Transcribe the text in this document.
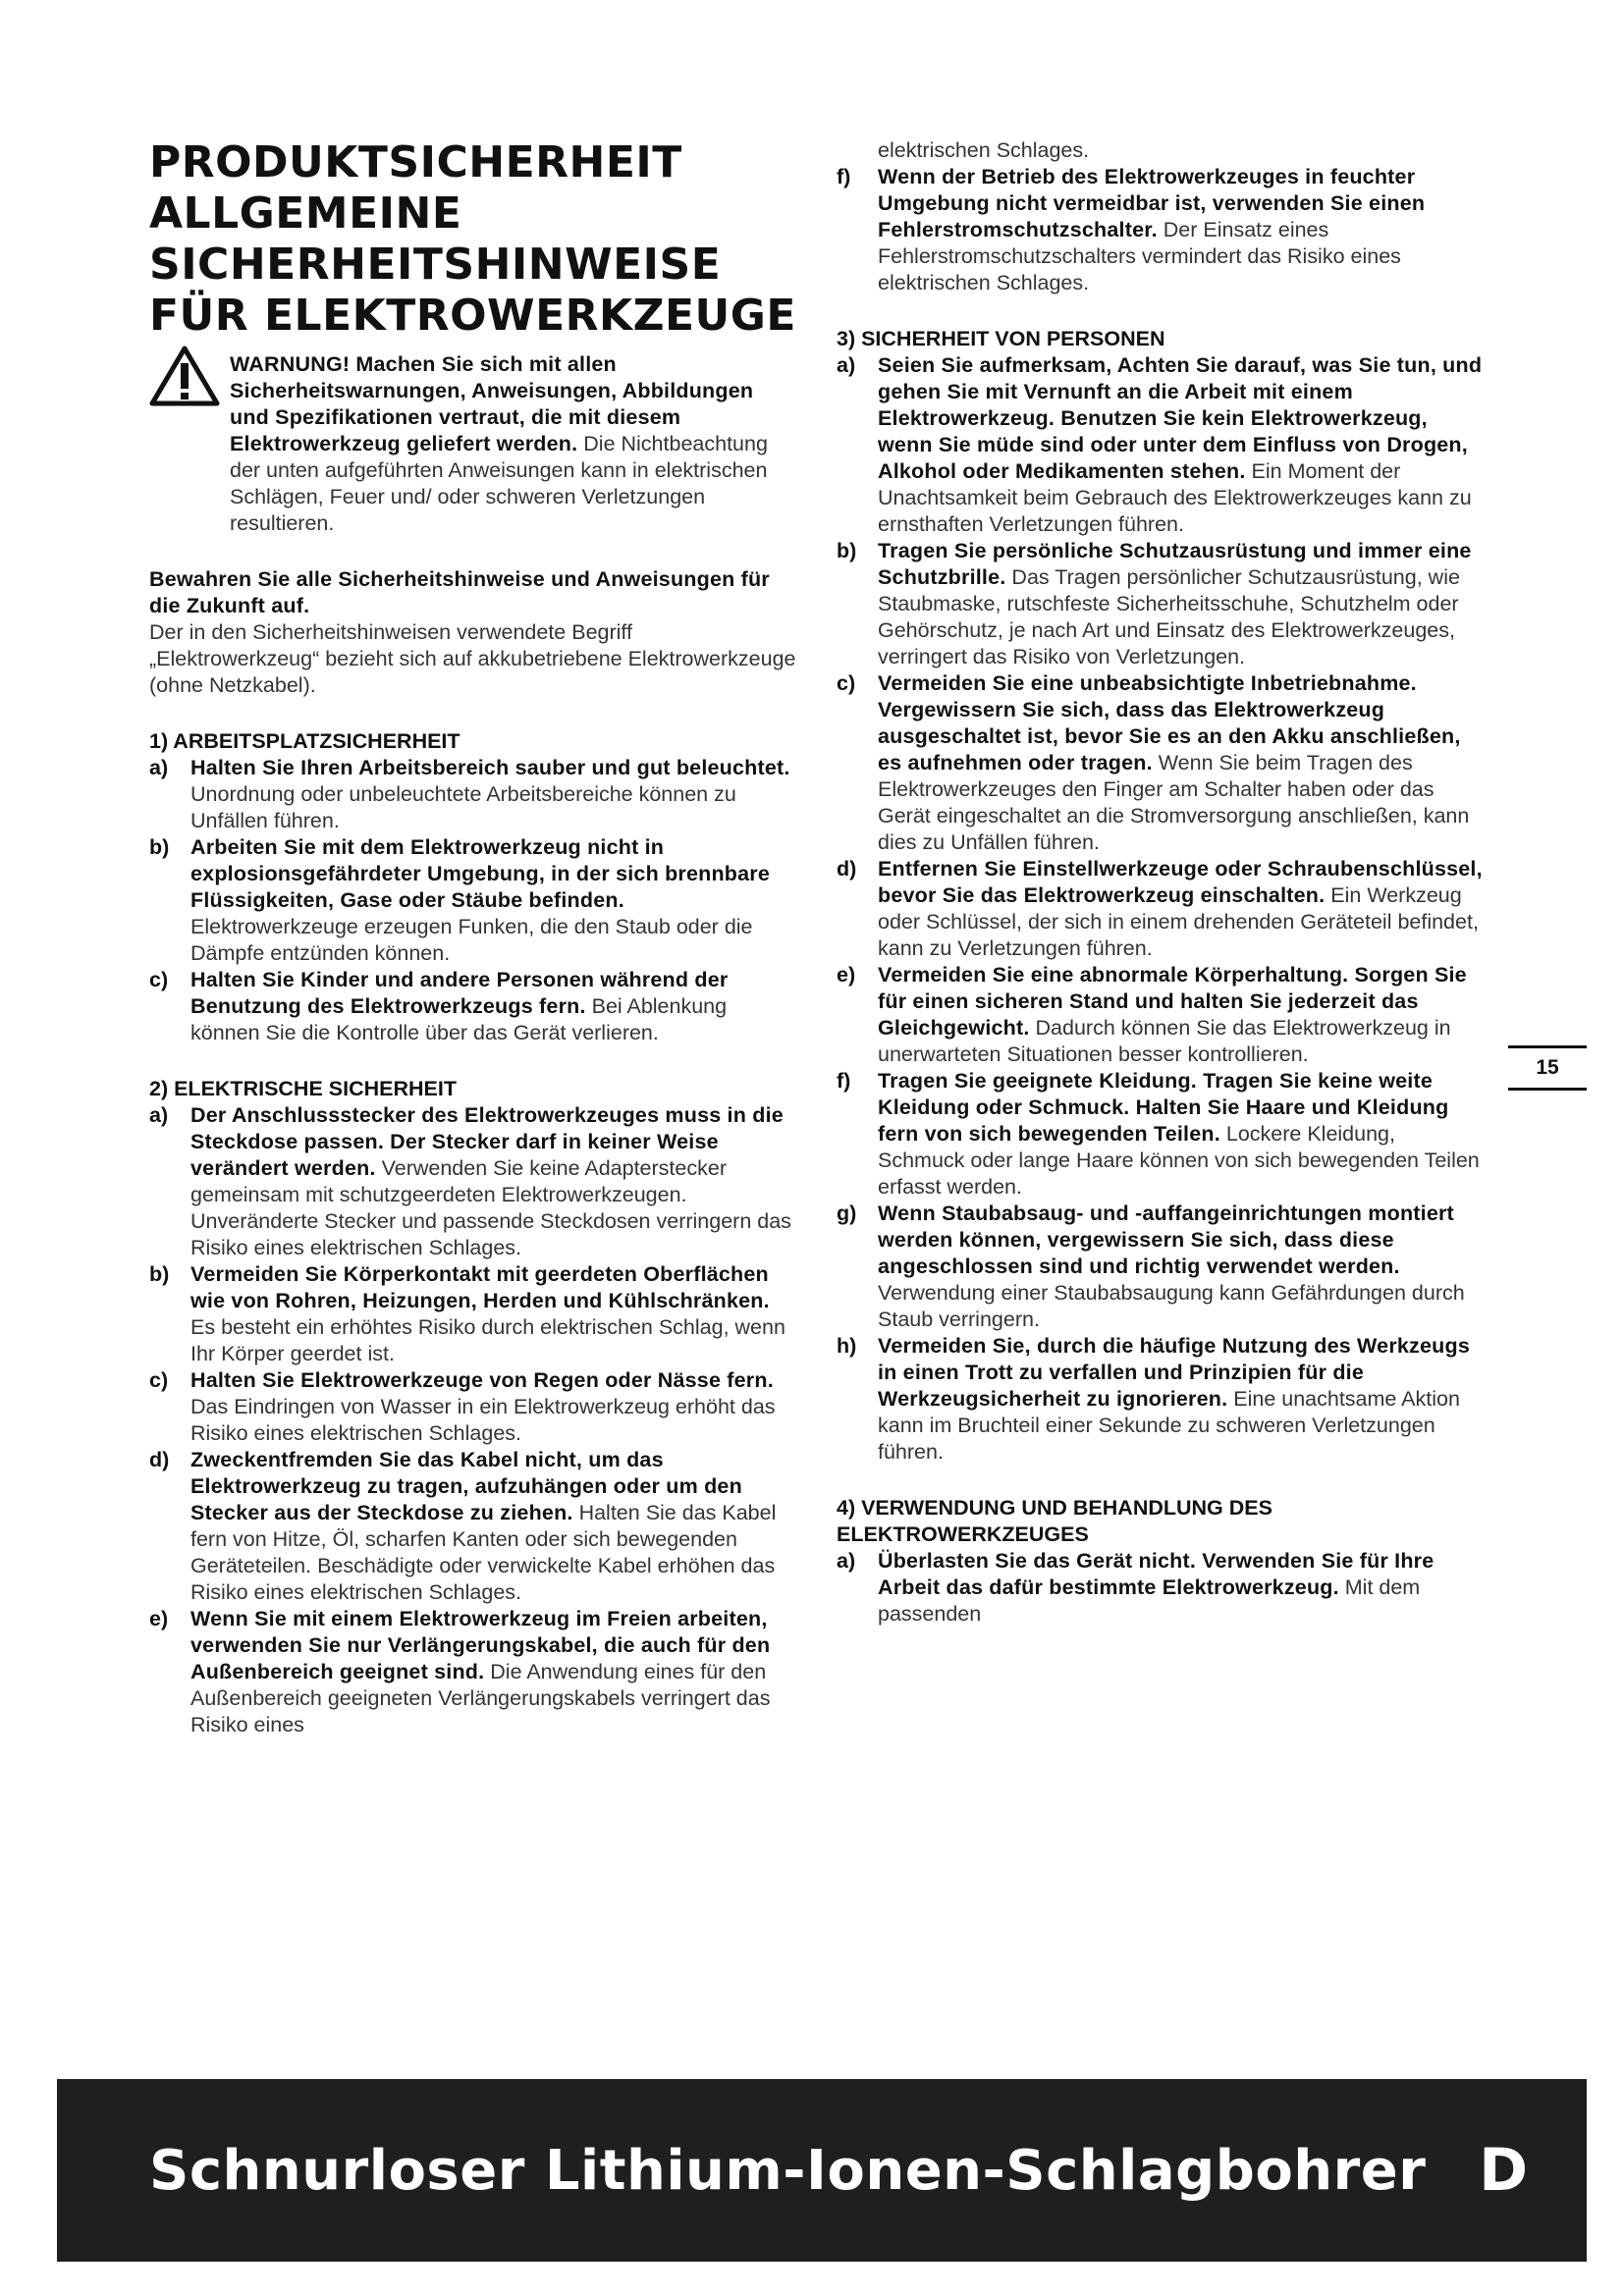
PRODUKTSICHERHEIT
ALLGEMEINE
SICHERHEITSHINWEISE
FÜR ELEKTROWERKZEUGE

WARNUNG! Machen Sie sich mit allen Sicherheitswarnungen, Anweisungen, Abbildungen und Spezifikationen vertraut, die mit diesem Elektrowerkzeug geliefert werden. Die Nichtbeachtung der unten aufgeführten Anweisungen kann in elektrischen Schlägen, Feuer und/ oder schweren Verletzungen resultieren.

Bewahren Sie alle Sicherheitshinweise und Anweisungen für die Zukunft auf.

Der in den Sicherheitshinweisen verwendete Begriff „Elektrowerkzeug“ bezieht sich auf akkubetriebene Elektrowerkzeuge (ohne Netzkabel).

1) ARBEITSPLATZSICHERHEIT
a)	Halten Sie Ihren Arbeitsbereich sauber und gut beleuchtet. Unordnung oder unbeleuchtete Arbeitsbereiche können zu Unfällen führen.
b)	Arbeiten Sie mit dem Elektrowerkzeug nicht in explosionsgefährdeter Umgebung, in der sich brennbare Flüssigkeiten, Gase oder Stäube befinden. Elektrowerkzeuge erzeugen Funken, die den Staub oder die Dämpfe entzünden können.
c)	Halten Sie Kinder und andere Personen während der Benutzung des Elektrowerkzeugs fern. Bei Ablenkung können Sie die Kontrolle über das Gerät verlieren.
2) ELEKTRISCHE SICHERHEIT
a)	Der Anschlussstecker des Elektrowerkzeuges muss in die Steckdose passen. Der Stecker darf in keiner Weise verändert werden. Verwenden Sie keine Adapterstecker gemeinsam mit schutzgeerdeten Elektrowerkzeugen. Unveränderte Stecker und passende Steckdosen verringern das Risiko eines elektrischen Schlages.
b)	Vermeiden Sie Körperkontakt mit geerdeten Oberflächen wie von Rohren, Heizungen, Herden und Kühlschränken. Es besteht ein erhöhtes Risiko durch elektrischen Schlag, wenn Ihr Körper geerdet ist.
c)	Halten Sie Elektrowerkzeuge von Regen oder Nässe fern. Das Eindringen von Wasser in ein Elektrowerkzeug erhöht das Risiko eines elektrischen Schlages.
d)	Zweckentfremden Sie das Kabel nicht, um das Elektrowerkzeug zu tragen, aufzuhängen oder um den Stecker aus der Steckdose zu ziehen. Halten Sie das Kabel fern von Hitze, Öl, scharfen Kanten oder sich bewegenden Geräteteilen. Beschädigte oder verwickelte Kabel erhöhen das Risiko eines elektrischen Schlages.
e)	Wenn Sie mit einem Elektrowerkzeug im Freien arbeiten, verwenden Sie nur Verlängerungskabel, die auch für den Außenbereich geeignet sind. Die Anwendung eines für den Außenbereich geeigneten Verlängerungskabels verringert das Risiko eines
elektrischen Schlages.
f)	Wenn der Betrieb des Elektrowerkzeuges in feuchter Umgebung nicht vermeidbar ist, verwenden Sie einen Fehlerstromschutzschalter. Der Einsatz eines Fehlerstromschutzschalters vermindert das Risiko eines elektrischen Schlages.
3) SICHERHEIT VON PERSONEN
a)	Seien Sie aufmerksam, Achten Sie darauf, was Sie tun, und gehen Sie mit Vernunft an die Arbeit mit einem Elektrowerkzeug. Benutzen Sie kein Elektrowerkzeug, wenn Sie müde sind oder unter dem Einfluss von Drogen, Alkohol oder Medikamenten stehen. Ein Moment der Unachtsamkeit beim Gebrauch des Elektrowerkzeuges kann zu ernsthaften Verletzungen führen.
b)	Tragen Sie persönliche Schutzausrüstung und immer eine Schutzbrille. Das Tragen persönlicher Schutzausrüstung, wie Staubmaske, rutschfeste Sicherheitsschuhe, Schutzhelm oder Gehörschutz, je nach Art und Einsatz des Elektrowerkzeuges, verringert das Risiko von Verletzungen.
c)	Vermeiden Sie eine unbeabsichtigte Inbetriebnahme. Vergewissern Sie sich, dass das Elektrowerkzeug ausgeschaltet ist, bevor Sie es an den Akku anschließen, es aufnehmen oder tragen. Wenn Sie beim Tragen des Elektrowerkzeuges den Finger am Schalter haben oder das Gerät eingeschaltet an die Stromversorgung anschließen, kann dies zu Unfällen führen.
d)	Entfernen Sie Einstellwerkzeuge oder Schraubenschlüssel, bevor Sie das Elektrowerkzeug einschalten. Ein Werkzeug oder Schlüssel, der sich in einem drehenden Geräteteil befindet, kann zu Verletzungen führen.
e)	Vermeiden Sie eine abnormale Körperhaltung. Sorgen Sie für einen sicheren Stand und halten Sie jederzeit das Gleichgewicht. Dadurch können Sie das Elektrowerkzeug in unerwarteten Situationen besser kontrollieren.
f)	Tragen Sie geeignete Kleidung. Tragen Sie keine weite Kleidung oder Schmuck. Halten Sie Haare und Kleidung fern von sich bewegenden Teilen. Lockere Kleidung, Schmuck oder lange Haare können von sich bewegenden Teilen erfasst werden.
g)	Wenn Staubabsaug- und -auffangeinrichtungen montiert werden können, vergewissern Sie sich, dass diese angeschlossen sind und richtig verwendet werden. Verwendung einer Staubabsaugung kann Gefährdungen durch Staub verringern.
h)	Vermeiden Sie, durch die häufige Nutzung des Werkzeugs in einen Trott zu verfallen und Prinzipien für die Werkzeugsicherheit zu ignorieren. Eine unachtsame Aktion kann im Bruchteil einer Sekunde zu schweren Verletzungen führen.
4) VERWENDUNG UND BEHANDLUNG DES ELEKTROWERKZEUGES
a)	Überlasten Sie das Gerät nicht. Verwenden Sie für Ihre Arbeit das dafür bestimmte Elektrowerkzeug. Mit dem passenden
15
Schnurloser Lithium-Ionen-Schlagbohrer D
